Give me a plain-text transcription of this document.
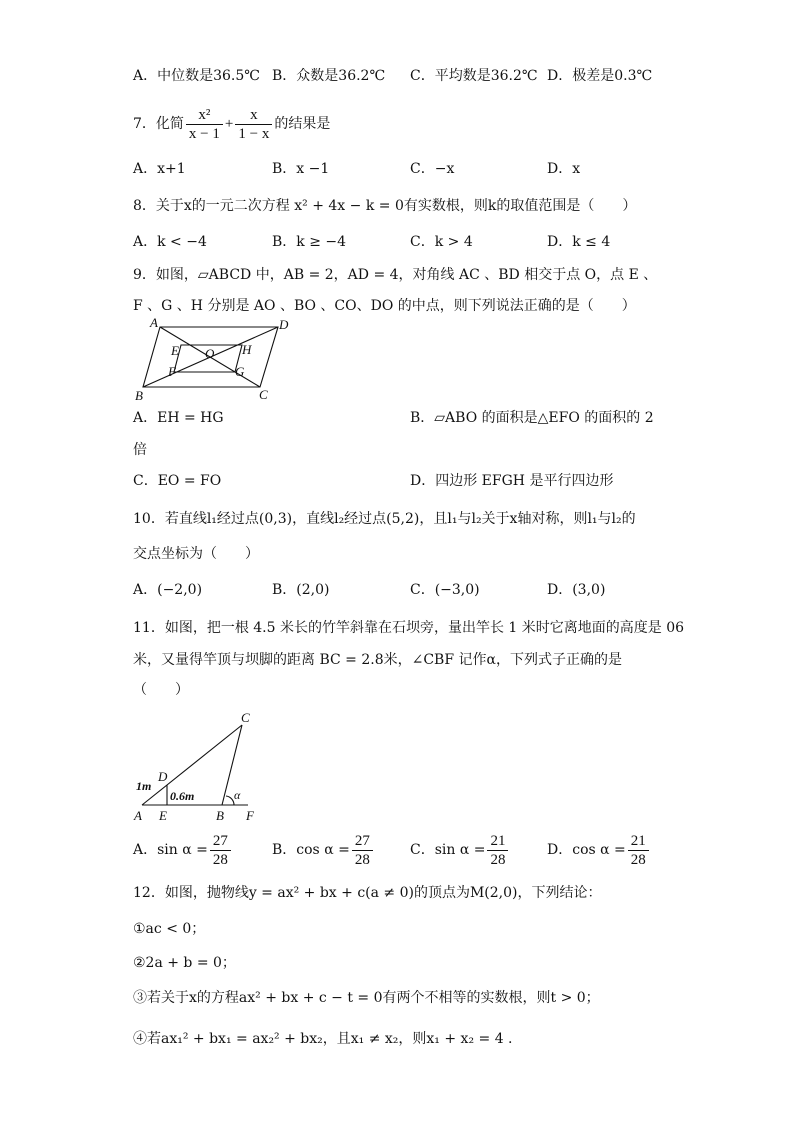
A．中位数是36.5℃ B．众数是36.2℃ C．平均数是36.2℃ D．极差是0.3℃
7．化简 $\frac{\text{x²}}{x - 1} + \frac{x}{1 - x}$ 的结果是
A．x+1	B．x −1	C．−x	D．x
8．关于x的一元二次方程 x² + 4x − k = 0有实数根，则k的取值范围是（　　）
A．k < −4	B．k ≥ −4	C．k > 4	D．k ≤ 4
9．如图，▱ABCD 中，AB = 2，AD = 4，对角线 AC 、BD 相交于点 O，点 E 、
F 、G 、H 分别是 AO 、BO 、CO、DO 的中点，则下列说法正确的是（　　）
A	D
B	C
E
F
O H
G
A．EH = HG	B．▱ABO 的面积是△EFO 的面积的 2
倍
C．EO = FO	D．四边形 EFGH 是平行四边形
10．若直线l₁经过点(0,3)，直线l₂经过点(5,2)，且l₁与l₂关于x轴对称，则l₁与l₂的
交点坐标为（　　）
A．(−2,0)	B．(2,0)	C．(−3,0)	D．(3,0)
11．如图，把一根 4.5 米长的竹竿斜靠在石坝旁，量出竿长 1 米时它离地面的高度是 06
米，又量得竿顶与坝脚的距离 BC = 2.8米，∠CBF 记作α，下列式子正确的是
（　　）
C
D
1m
0.6m	α
A E	B F
A．$\sin \alpha = \frac{27}{28}$	B．$\cos \alpha = \frac{27}{28}$	C．$\sin \alpha = \frac{21}{28}$	D．$\cos \alpha = \frac{21}{28}$
12．如图，抛物线y = ax² + bx + c(a ≠ 0)的顶点为M(2,0)，下列结论：
①ac < 0；
②2a + b = 0；
③若关于x的方程ax² + bx + c − t = 0有两个不相等的实数根，则t > 0；
④若ax₁² + bx₁ = ax₂² + bx₂，且x₁ ≠ x₂，则x₁ + x₂ = 4 .
